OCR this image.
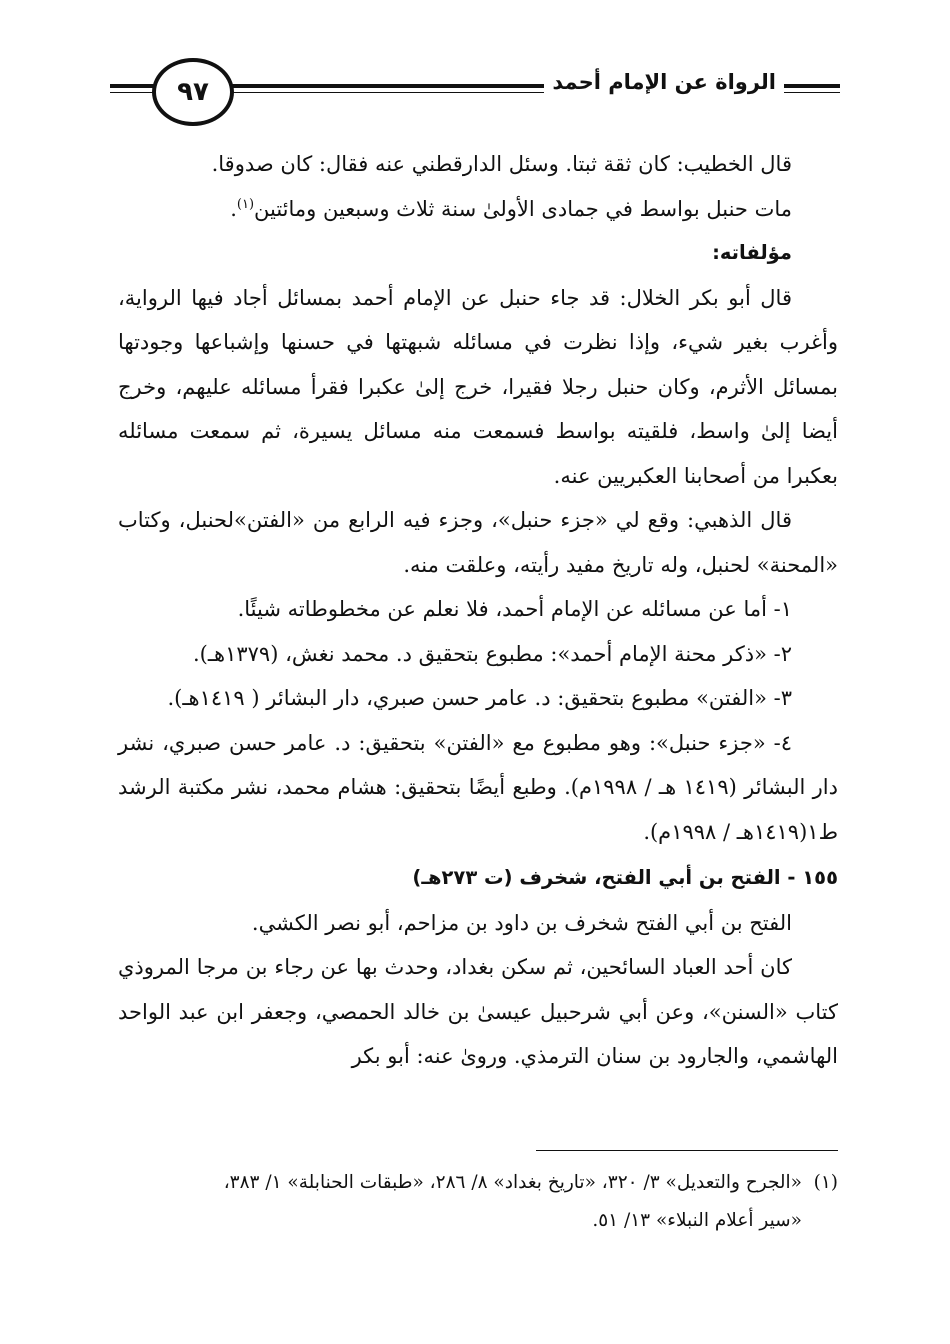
٩٧	الرواة عن الإمام أحمد

قال الخطيب: كان ثقة ثبتا. وسئل الدارقطني عنه فقال: كان صدوقا.

مات حنبل بواسط في جمادى الأولىٰ سنة ثلاث وسبعين ومائتين$^{(١)}$.

مؤلفاته:

قال أبو بكر الخلال: قد جاء حنبل عن الإمام أحمد بمسائل أجاد فيها الرواية، وأغرب بغير شيء، وإذا نظرت في مسائله شبهتها في حسنها وإشباعها وجودتها بمسائل الأثرم، وكان حنبل رجلا فقيرا، خرج إلىٰ عكبرا فقرأ مسائله عليهم، وخرج أيضا إلىٰ واسط، فلقيته بواسط فسمعت منه مسائل يسيرة، ثم سمعت مسائله بعكبرا من أصحابنا العكبريين عنه.

قال الذهبي: وقع لي «جزء حنبل»، وجزء فيه الرابع من «الفتن»لحنبل، وكتاب «المحنة» لحنبل، وله تاريخ مفيد رأيته، وعلقت منه.

١- أما عن مسائله عن الإمام أحمد، فلا نعلم عن مخطوطاته شيئًا.

٢- «ذكر محنة الإمام أحمد»: مطبوع بتحقيق د. محمد نغش، (١٣٧٩هـ).

٣- «الفتن» مطبوع بتحقيق: د. عامر حسن صبري، دار البشائر ( ١٤١٩هـ).

٤- «جزء حنبل»: وهو مطبوع مع «الفتن» بتحقيق: د. عامر حسن صبري، نشر دار البشائر (١٤١٩ هـ / ١٩٩٨م). وطبع أيضًا بتحقيق: هشام محمد، نشر مكتبة الرشد ط١(١٤١٩هـ / ١٩٩٨م).

١٥٥ - الفتح بن أبي الفتح، شخرف (ت ٢٧٣هـ)

الفتح بن أبي الفتح شخرف بن داود بن مزاحم، أبو نصر الكشي.

كان أحد العباد السائحين، ثم سكن بغداد، وحدث بها عن رجاء بن مرجا المروذي كتاب «السنن»، وعن أبي شرحبيل عيسىٰ بن خالد الحمصي، وجعفر ابن عبد الواحد الهاشمي، والجارود بن سنان الترمذي. وروىٰ عنه: أبو بكر

(١)«الجرح والتعديل» ٣/ ٣٢٠، «تاريخ بغداد» ٨/ ٢٨٦، «طبقات الحنابلة» ١/ ٣٨٣،

«سير أعلام النبلاء» ١٣/ ٥١.
